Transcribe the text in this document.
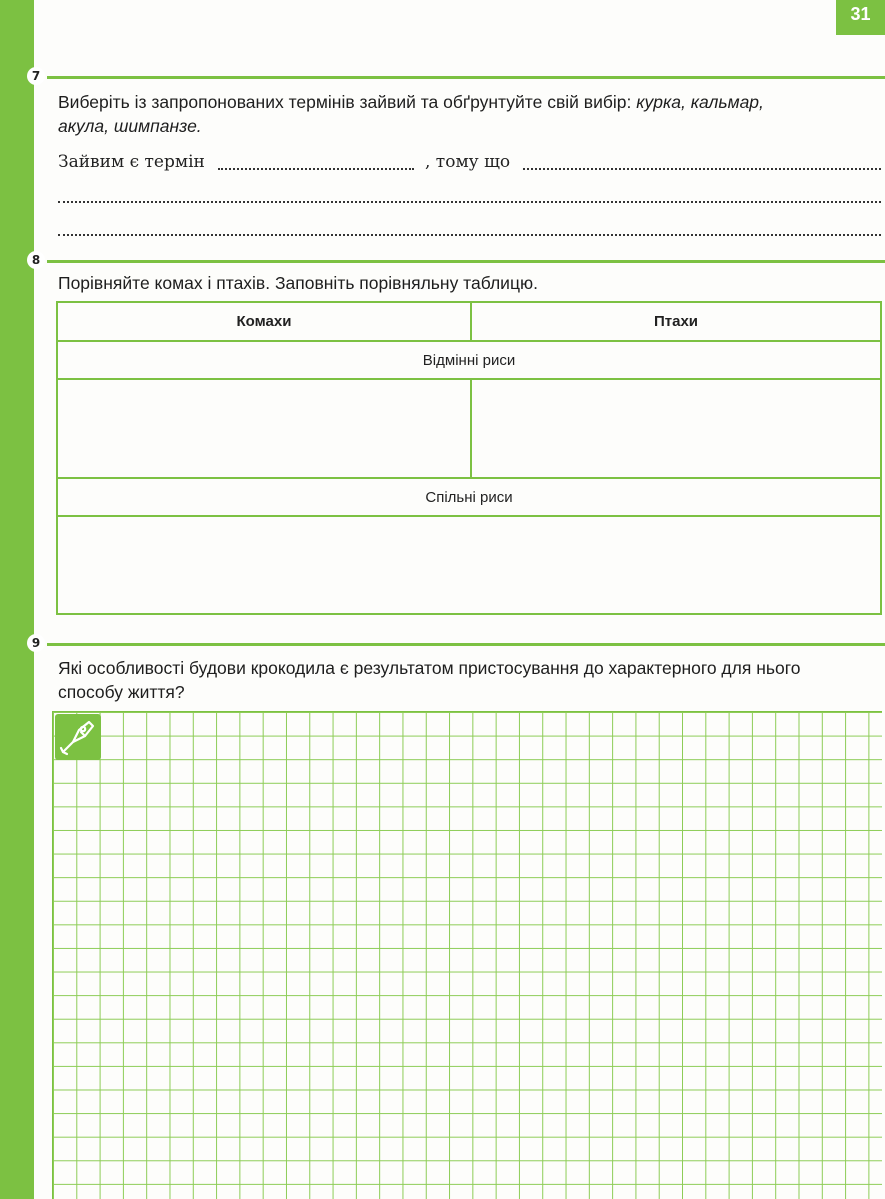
31
7
Виберіть із запропонованих термінів зайвий та обґрунтуйте свій вибір: курка, кальмар,
акула, шимпанзе.
Зайвим є термін	, тому що
8
Порівняйте комах і птахів. Заповніть порівняльну таблицю.
Комахи	Птахи
Відмінні риси
Спільні риси
9
Які особливості будови крокодила є результатом пристосування до характерного для нього
способу життя?
